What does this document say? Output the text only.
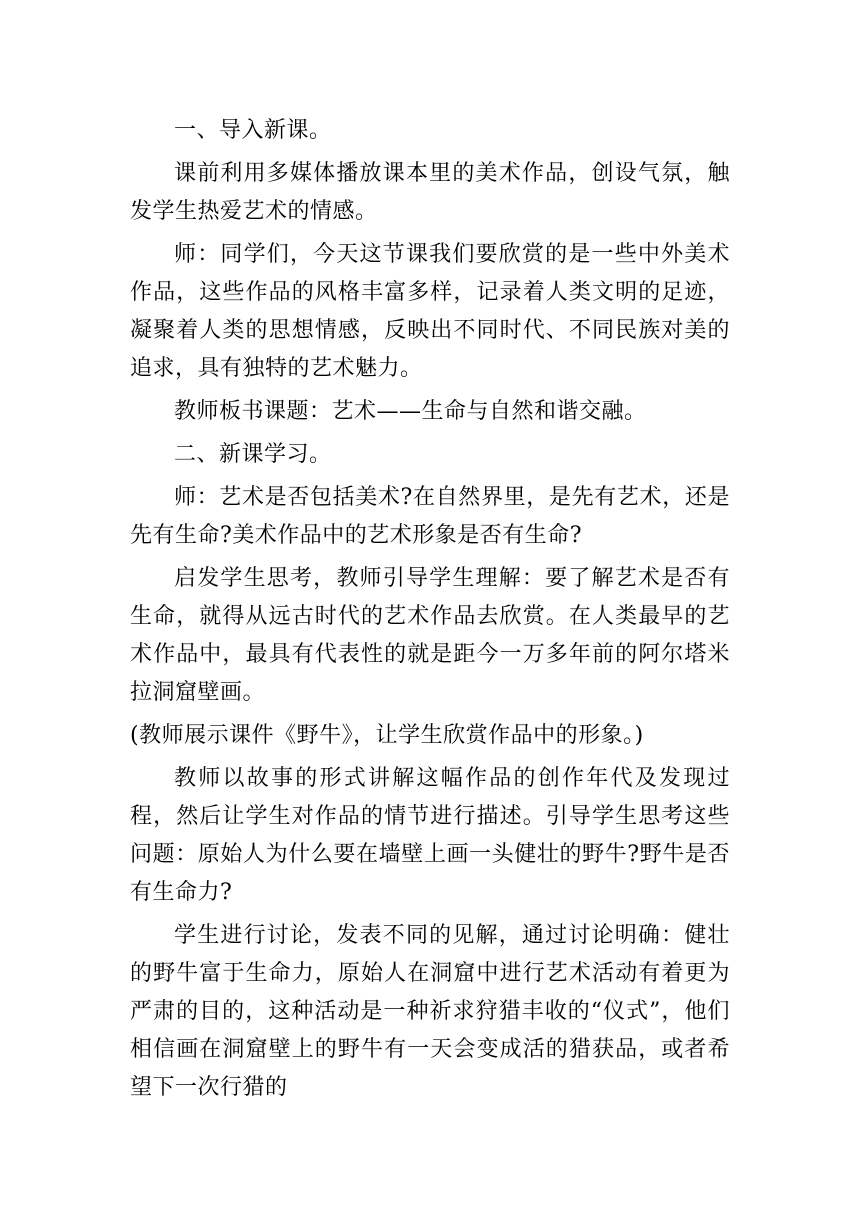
一、导入新课。

课前利用多媒体播放课本里的美术作品，创设气氛，触发学生热爱艺术的情感。

师：同学们，今天这节课我们要欣赏的是一些中外美术作品，这些作品的风格丰富多样，记录着人类文明的足迹，凝聚着人类的思想情感，反映出不同时代、不同民族对美的追求，具有独特的艺术魅力。

教师板书课题：艺术——生命与自然和谐交融。

二、新课学习。

师：艺术是否包括美术?在自然界里，是先有艺术，还是先有生命?美术作品中的艺术形象是否有生命?

启发学生思考，教师引导学生理解：要了解艺术是否有生命，就得从远古时代的艺术作品去欣赏。在人类最早的艺术作品中，最具有代表性的就是距今一万多年前的阿尔塔米拉洞窟壁画。

(教师展示课件《野牛》，让学生欣赏作品中的形象。)

教师以故事的形式讲解这幅作品的创作年代及发现过程，然后让学生对作品的情节进行描述。引导学生思考这些问题：原始人为什么要在墙壁上画一头健壮的野牛?野牛是否有生命力?

学生进行讨论，发表不同的见解，通过讨论明确：健壮的野牛富于生命力，原始人在洞窟中进行艺术活动有着更为严肃的目的，这种活动是一种祈求狩猎丰收的“仪式”，他们相信画在洞窟壁上的野牛有一天会变成活的猎获品，或者希望下一次行猎的
